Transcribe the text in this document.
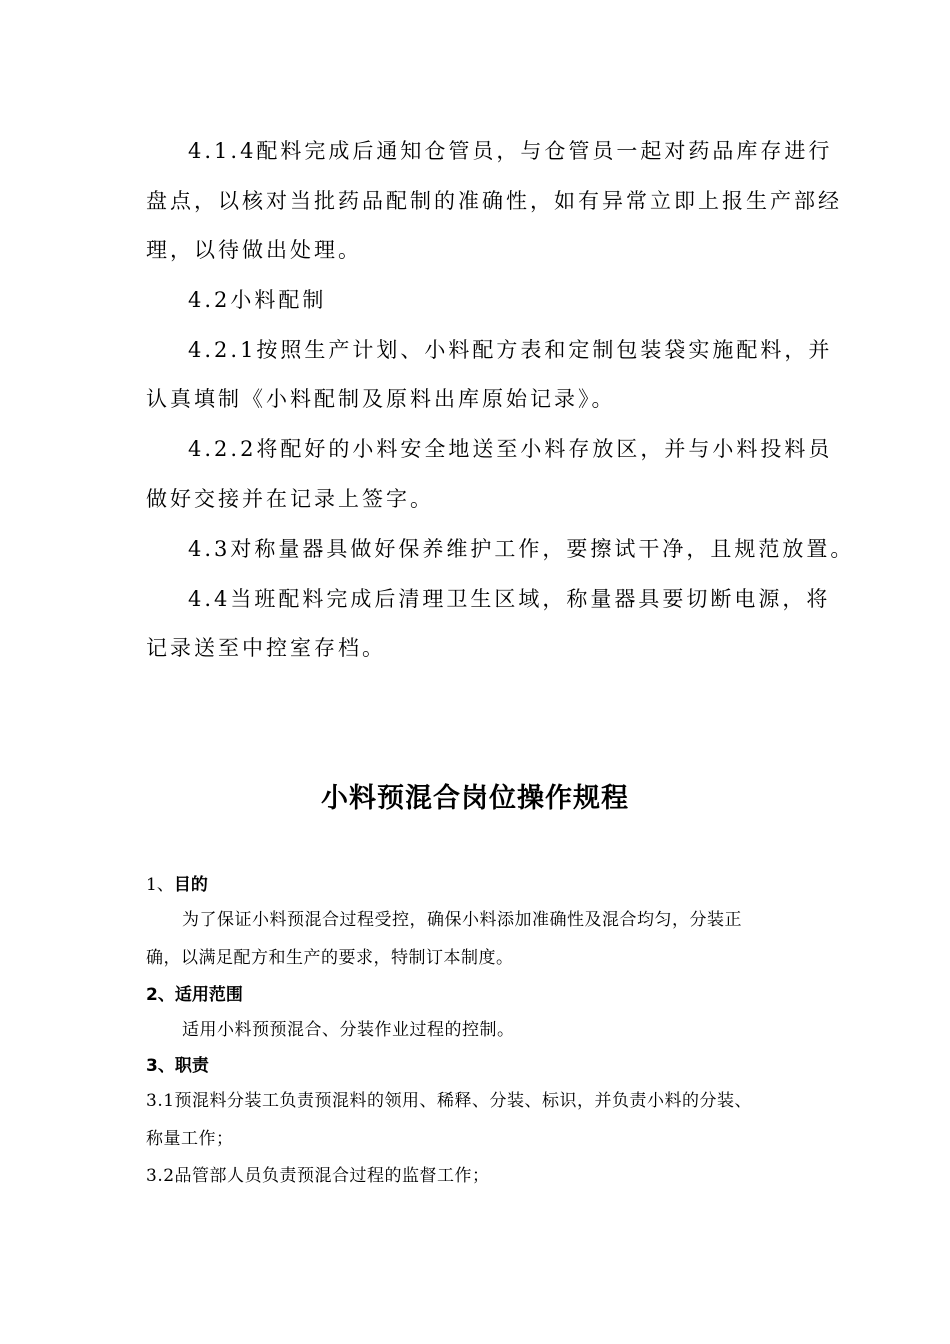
4.1.4配料完成后通知仓管员，与仓管员一起对药品库存进行
盘点，以核对当批药品配制的准确性，如有异常立即上报生产部经
理，以待做出处理。
4.2小料配制
4.2.1按照生产计划、小料配方表和定制包装袋实施配料，并
认真填制《小料配制及原料出库原始记录》。
4.2.2将配好的小料安全地送至小料存放区，并与小料投料员
做好交接并在记录上签字。
4.3对称量器具做好保养维护工作，要擦试干净，且规范放置。
4.4当班配料完成后清理卫生区域，称量器具要切断电源，将
记录送至中控室存档。
小料预混合岗位操作规程
1、目的
为了保证小料预混合过程受控，确保小料添加准确性及混合均匀，分装正
确，以满足配方和生产的要求，特制订本制度。
2、适用范围
适用小料预预混合、分装作业过程的控制。
3、职责
3.1预混料分装工负责预混料的领用、稀释、分装、标识，并负责小料的分装、
称量工作；
3.2品管部人员负责预混合过程的监督工作；
